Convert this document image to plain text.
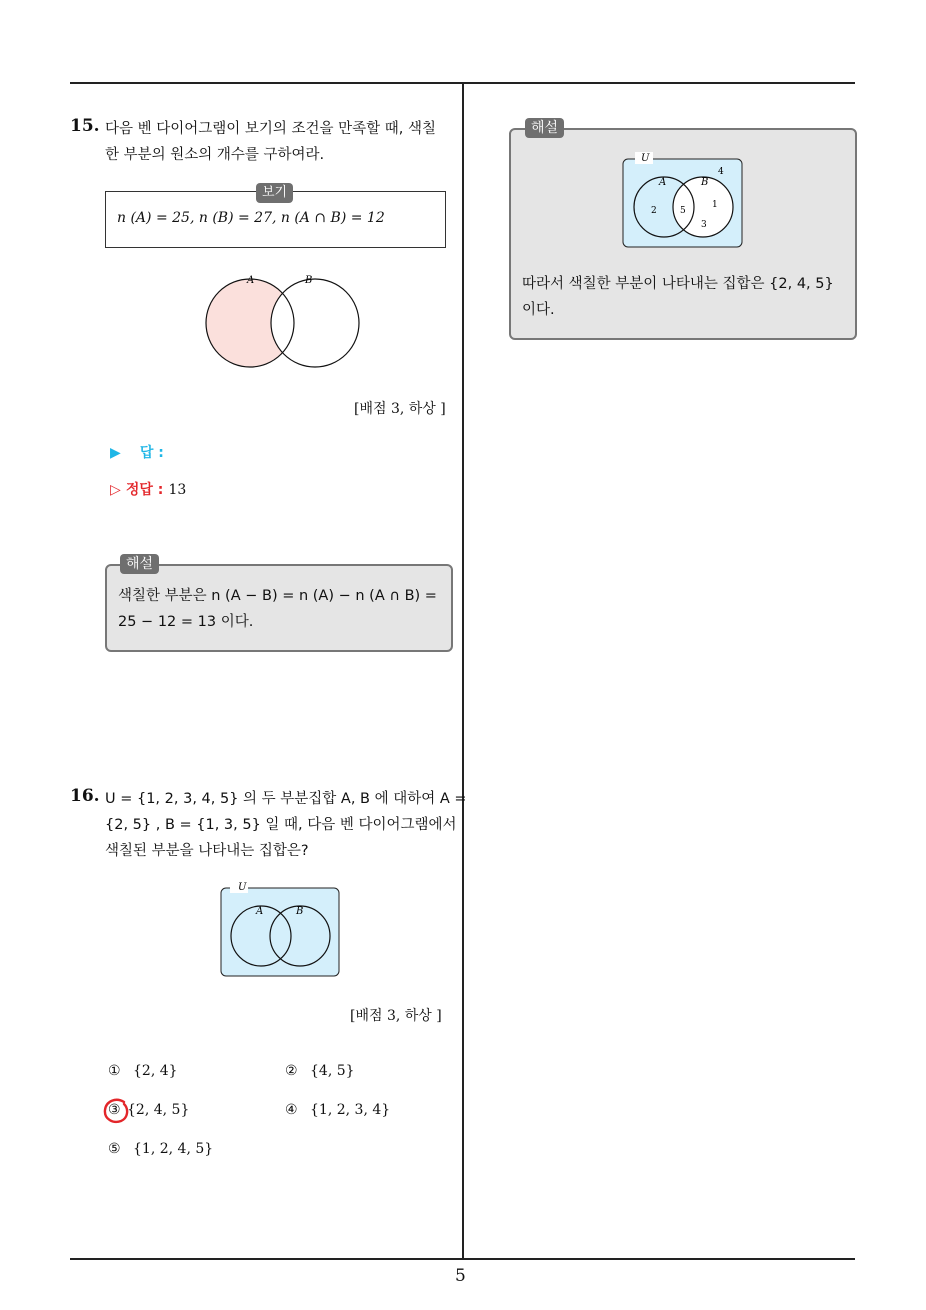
5
15. 다음 벤 다이어그램이 보기의 조건을 만족할 때, 색칠
한 부분의 원소의 개수를 구하여라.
보기
n (A) = 25, n (B) = 27, n (A ∩ B) = 12
A	B
[배점 3, 하상 ]
▶ 답 :
▷ 정답 : 13
해설
색칠한 부분은 n (A − B) = n (A) − n (A ∩ B) =
25 − 12 = 13 이다.
16. U = {1, 2, 3, 4, 5} 의 두 부분집합 A, B 에 대하여 A =
{2, 5} , B = {1, 3, 5} 일 때, 다음 벤 다이어그램에서
색칠된 부분을 나타내는 집합은?
U
A	B
[배점 3, 하상 ]
① {2, 4}	② {4, 5}
③ {2, 4, 5}	④ {1, 2, 3, 4}
⑤ {1, 2, 4, 5}
해설
U
A	B
4
2	5
1
3
따라서 색칠한 부분이 나타내는 집합은 {2, 4, 5}
이다.
